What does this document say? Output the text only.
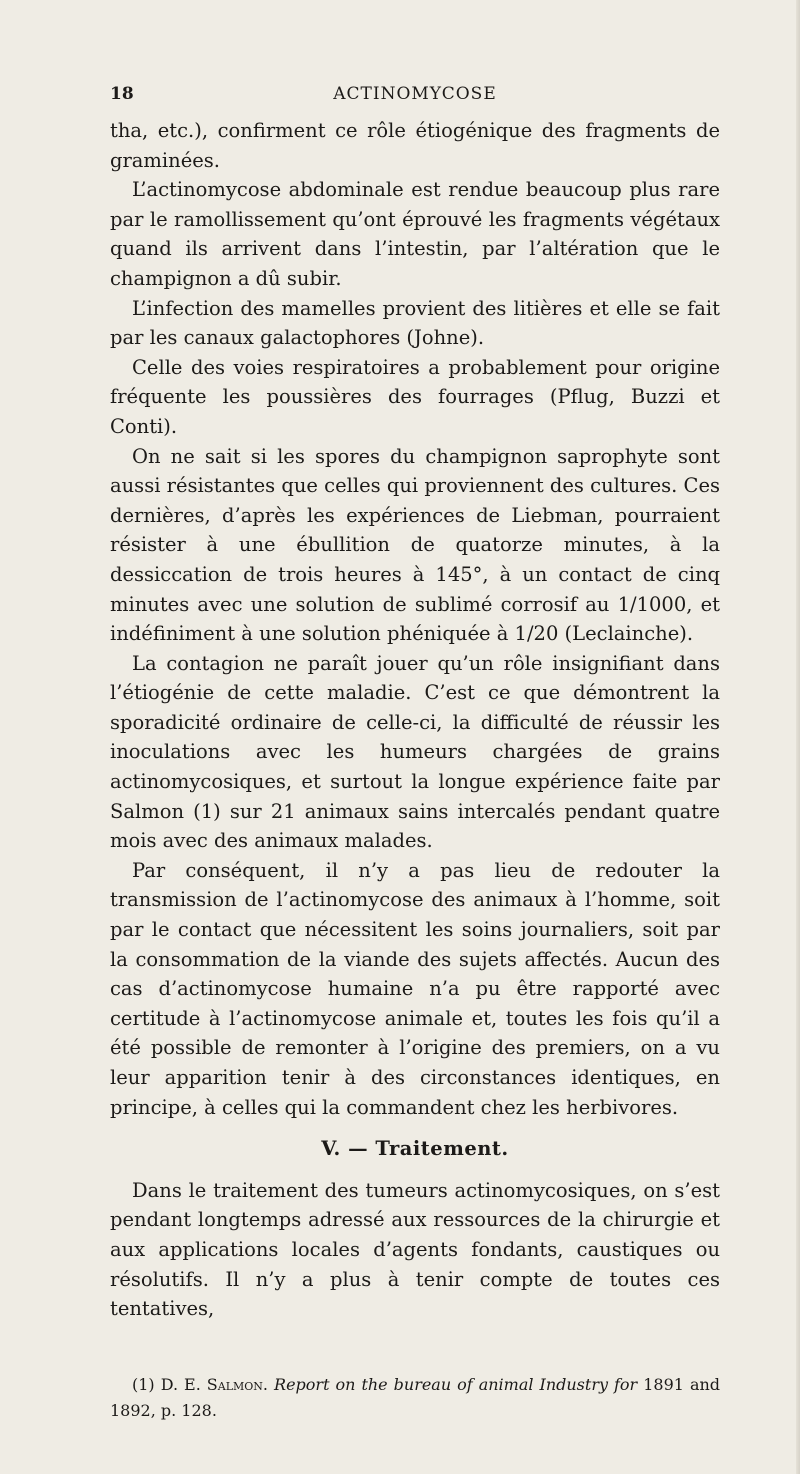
18	ACTINOMYCOSE

tha, etc.), confirment ce rôle étiogénique des fragments de graminées.

L’actinomycose abdominale est rendue beaucoup plus rare par le ramollissement qu’ont éprouvé les fragments végétaux quand ils arrivent dans l’intestin, par l’altération que le champignon a dû subir.

L’infection des mamelles provient des litières et elle se fait par les canaux galactophores (Johne).

Celle des voies respiratoires a probablement pour origine fréquente les poussières des fourrages (Pflug, Buzzi et Conti).

On ne sait si les spores du champignon saprophyte sont aussi résistantes que celles qui proviennent des cultures. Ces dernières, d’après les expériences de Liebman, pourraient résister à une ébullition de quatorze minutes, à la dessiccation de trois heures à 145°, à un contact de cinq minutes avec une solution de sublimé corrosif au 1/1000, et indéfiniment à une solution phéniquée à 1/20 (Leclainche).

La contagion ne paraît jouer qu’un rôle insignifiant dans l’étiogénie de cette maladie. C’est ce que démontrent la sporadicité ordinaire de celle-ci, la difficulté de réussir les inoculations avec les humeurs chargées de grains actinomycosiques, et surtout la longue expérience faite par Salmon (1) sur 21 animaux sains intercalés pendant quatre mois avec des animaux malades.

Par conséquent, il n’y a pas lieu de redouter la transmission de l’actinomycose des animaux à l’homme, soit par le contact que nécessitent les soins journaliers, soit par la consommation de la viande des sujets affectés. Aucun des cas d’actinomycose humaine n’a pu être rapporté avec certitude à l’actinomycose animale et, toutes les fois qu’il a été possible de remonter à l’origine des premiers, on a vu leur apparition tenir à des circonstances identiques, en principe, à celles qui la commandent chez les herbivores.

V. — Traitement.

Dans le traitement des tumeurs actinomycosiques, on s’est pendant longtemps adressé aux ressources de la chirurgie et aux applications locales d’agents fondants, caustiques ou résolutifs. Il n’y a plus à tenir compte de toutes ces tentatives,

(1) D. E. Salmon. Report on the bureau of animal Industry for 1891 and 1892, p. 128.
